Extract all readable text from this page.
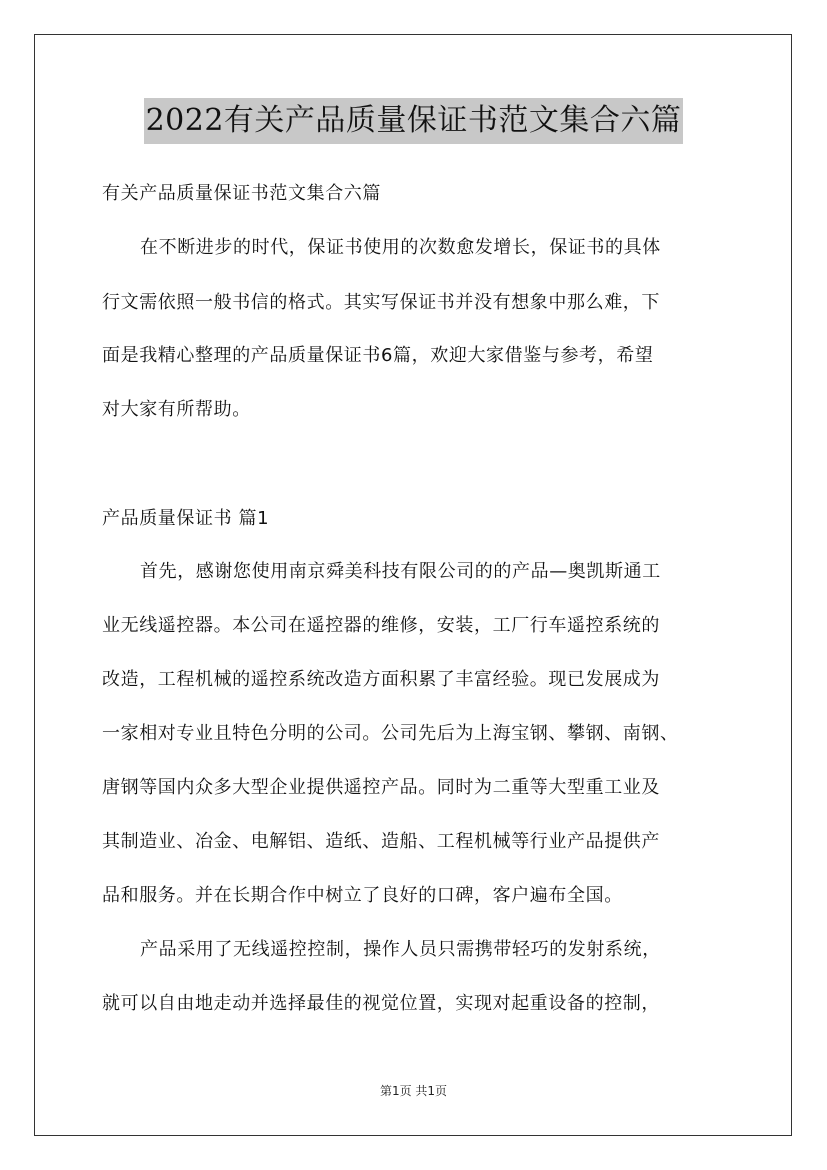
2022有关产品质量保证书范文集合六篇
有关产品质量保证书范文集合六篇
在不断进步的时代，保证书使用的次数愈发增长，保证书的具体
行文需依照一般书信的格式。其实写保证书并没有想象中那么难，下
面是我精心整理的产品质量保证书6篇，欢迎大家借鉴与参考，希望
对大家有所帮助。
产品质量保证书 篇1
首先，感谢您使用南京舜美科技有限公司的的产品—奥凯斯通工
业无线遥控器。本公司在遥控器的维修，安装，工厂行车遥控系统的
改造，工程机械的遥控系统改造方面积累了丰富经验。现已发展成为
一家相对专业且特色分明的公司。公司先后为上海宝钢、攀钢、南钢、
唐钢等国内众多大型企业提供遥控产品。同时为二重等大型重工业及
其制造业、冶金、电解铝、造纸、造船、工程机械等行业产品提供产
品和服务。并在长期合作中树立了良好的口碑，客户遍布全国。
产品采用了无线遥控控制，操作人员只需携带轻巧的发射系统，
就可以自由地走动并选择最佳的视觉位置，实现对起重设备的控制，
第1页 共1页
